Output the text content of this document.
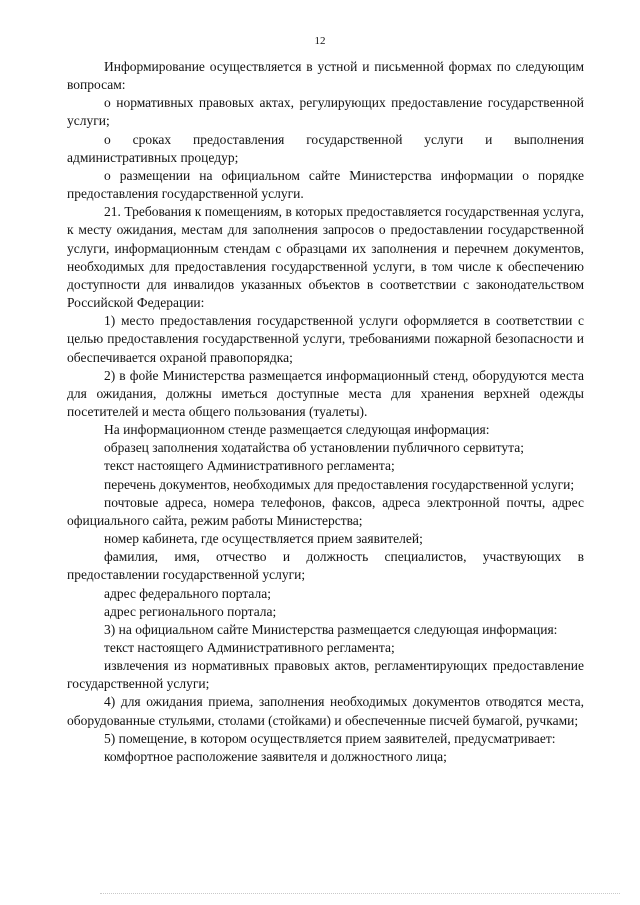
12

Информирование осуществляется в устной и письменной формах по следующим вопросам:

о нормативных правовых актах, регулирующих предоставление государственной услуги;

о сроках предоставления государственной услуги и выполнения административных процедур;

о размещении на официальном сайте Министерства информации о порядке предоставления государственной услуги.

21. Требования к помещениям, в которых предоставляется государственная услуга, к месту ожидания, местам для заполнения запросов о предоставлении государственной услуги, информационным стендам с образцами их заполнения и перечнем документов, необходимых для предоставления государственной услуги, в том числе к обеспечению доступности для инвалидов указанных объектов в соответствии с законодательством Российской Федерации:

1) место предоставления государственной услуги оформляется в соответствии с целью предоставления государственной услуги, требованиями пожарной безопасности и обеспечивается охраной правопорядка;

2) в фойе Министерства размещается информационный стенд, оборудуются места для ожидания, должны иметься доступные места для хранения верхней одежды посетителей и места общего пользования (туалеты).

На информационном стенде размещается следующая информация:

образец заполнения ходатайства об установлении публичного сервитута;

текст настоящего Административного регламента;

перечень документов, необходимых для предоставления государственной услуги;

почтовые адреса, номера телефонов, факсов, адреса электронной почты, адрес официального сайта, режим работы Министерства;

номер кабинета, где осуществляется прием заявителей;

фамилия, имя, отчество и должность специалистов, участвующих в предоставлении государственной услуги;

адрес федерального портала;

адрес регионального портала;

3) на официальном сайте Министерства размещается следующая информация:

текст настоящего Административного регламента;

извлечения из нормативных правовых актов, регламентирующих предоставление государственной услуги;

4) для ожидания приема, заполнения необходимых документов отводятся места, оборудованные стульями, столами (стойками) и обеспеченные писчей бумагой, ручками;

5) помещение, в котором осуществляется прием заявителей, предусматривает:

комфортное расположение заявителя и должностного лица;
